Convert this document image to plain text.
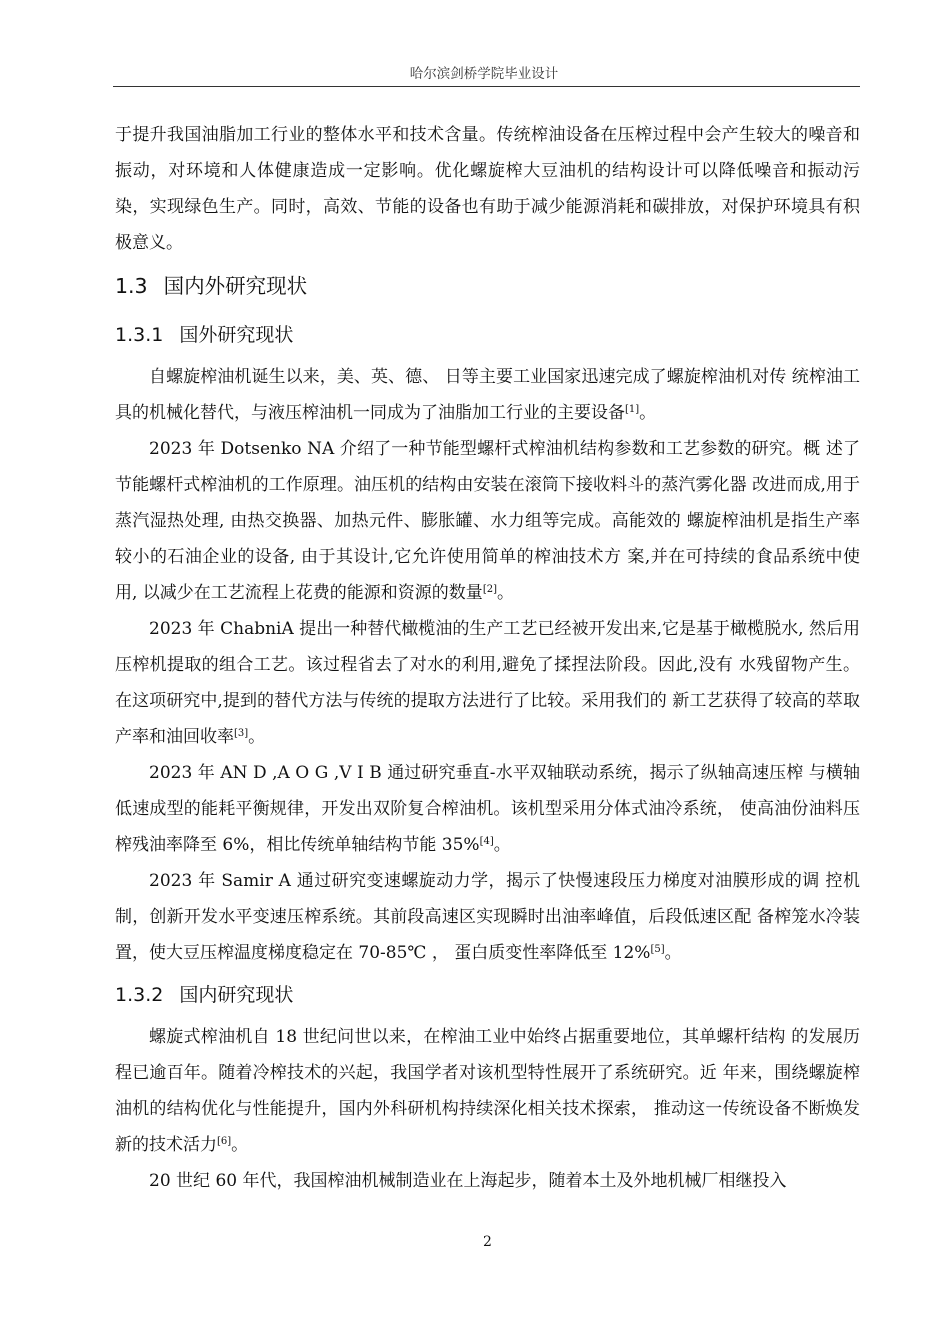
哈尔滨剑桥学院毕业设计

于提升我国油脂加工行业的整体水平和技术含量。传统榨油设备在压榨过程中会产生较大的噪音和振动，对环境和人体健康造成一定影响。优化螺旋榨大豆油机的结构设计可以降低噪音和振动污染，实现绿色生产。同时，高效、节能的设备也有助于减少能源消耗和碳排放，对保护环境具有积极意义。

1.3 国内外研究现状
1.3.1 国外研究现状

自螺旋榨油机诞生以来，美、英、德、 日等主要工业国家迅速完成了螺旋榨油机对传 统榨油工具的机械化替代，与液压榨油机一同成为了油脂加工行业的主要设备[1]。

2023 年 Dotsenko NA 介绍了一种节能型螺杆式榨油机结构参数和工艺参数的研究。概 述了节能螺杆式榨油机的工作原理。油压机的结构由安装在滚筒下接收料斗的蒸汽雾化器 改进而成,用于蒸汽湿热处理, 由热交换器、加热元件、膨胀罐、水力组等完成。高能效的 螺旋榨油机是指生产率较小的石油企业的设备, 由于其设计,它允许使用简单的榨油技术方 案,并在可持续的食品系统中使用, 以减少在工艺流程上花费的能源和资源的数量[2]。

2023 年 ChabniA 提出一种替代橄榄油的生产工艺已经被开发出来,它是基于橄榄脱水, 然后用压榨机提取的组合工艺。该过程省去了对水的利用,避免了揉捏法阶段。因此,没有 水残留物产生。在这项研究中,提到的替代方法与传统的提取方法进行了比较。采用我们的 新工艺获得了较高的萃取产率和油回收率[3]。

2023 年 AN D ,A O G ,V I B 通过研究垂直-水平双轴联动系统，揭示了纵轴高速压榨 与横轴低速成型的能耗平衡规律，开发出双阶复合榨油机。该机型采用分体式油冷系统， 使高油份油料压榨残油率降至 6%，相比传统单轴结构节能 35%[4]。

2023 年 Samir A 通过研究变速螺旋动力学，揭示了快慢速段压力梯度对油膜形成的调 控机制，创新开发水平变速压榨系统。其前段高速区实现瞬时出油率峰值，后段低速区配 备榨笼水冷装置，使大豆压榨温度梯度稳定在 70-85℃ ， 蛋白质变性率降低至 12%[5]。

1.3.2 国内研究现状

螺旋式榨油机自 18 世纪问世以来，在榨油工业中始终占据重要地位，其单螺杆结构 的发展历程已逾百年。随着冷榨技术的兴起，我国学者对该机型特性展开了系统研究。近 年来，围绕螺旋榨油机的结构优化与性能提升，国内外科研机构持续深化相关技术探索， 推动这一传统设备不断焕发新的技术活力[6]。

20 世纪 60 年代，我国榨油机械制造业在上海起步，随着本土及外地机械厂相继投入

2
